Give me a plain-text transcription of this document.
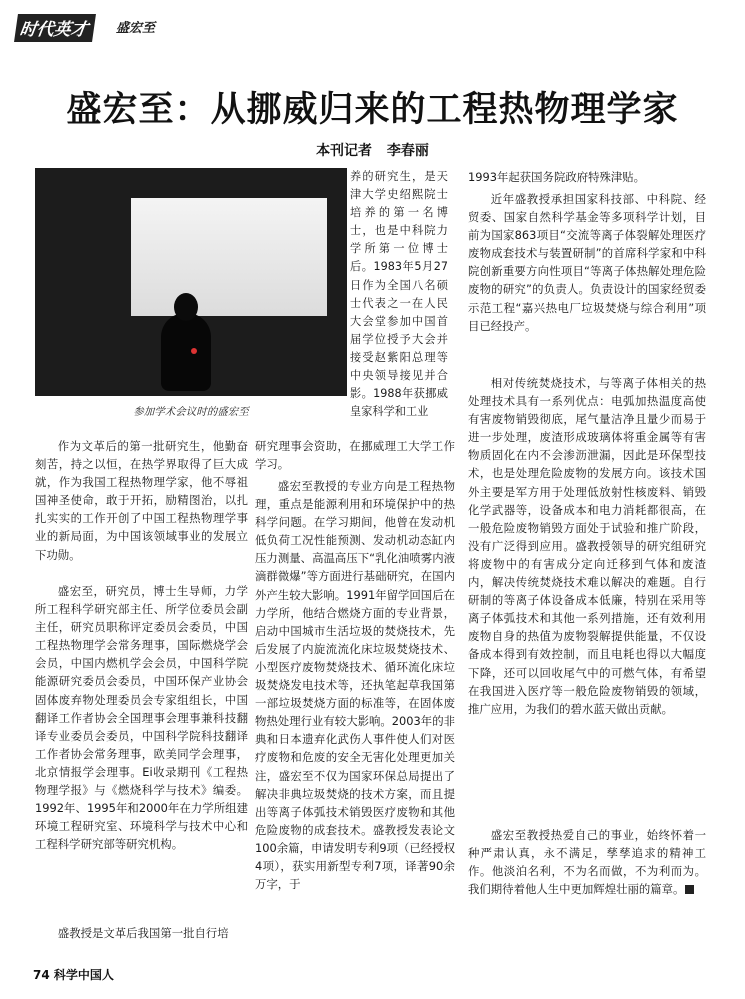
时代英才	盛宏至
盛宏至：从挪威归来的工程热物理学家
本刊记者 李春丽
参加学术会议时的盛宏至

养的研究生，是天津大学史绍熙院士培养的第一名博士，也是中科院力学所第一位博士后。1983年5月27日作为全国八名硕士代表之一在人民大会堂参加中国首届学位授予大会并接受赵紫阳总理等中央领导接见并合影。1988年获挪威皇家科学和工业

作为文革后的第一批研究生，他勤奋刻苦，持之以恒，在热学界取得了巨大成就，作为我国工程热物理学家，他不辱祖国神圣使命，敢于开拓，励精图治，以扎扎实实的工作开创了中国工程热物理学事业的新局面，为中国该领域事业的发展立下功勋。

盛宏至，研究员，博士生导师，力学所工程科学研究部主任、所学位委员会副主任，研究员职称评定委员会委员，中国工程热物理学会常务理事，国际燃烧学会会员，中国内燃机学会会员，中国科学院能源研究委员会委员，中国环保产业协会固体废弃物处理委员会专家组组长，中国翻译工作者协会全国理事会理事兼科技翻译专业委员会委员，中国科学院科技翻译工作者协会常务理事，欧美同学会理事，北京情报学会理事。Ei收录期刊《工程热物理学报》与《燃烧科学与技术》编委。1992年、1995年和2000年在力学所组建环境工程研究室、环境科学与技术中心和工程科学研究部等研究机构。

盛教授是文革后我国第一批自行培

研究理事会资助，在挪威理工大学工作学习。

盛宏至教授的专业方向是工程热物理，重点是能源利用和环境保护中的热科学问题。在学习期间，他曾在发动机低负荷工况性能预测、发动机动态缸内压力测量、高温高压下“乳化油喷雾内液滴群微爆”等方面进行基础研究，在国内外产生较大影响。1991年留学回国后在力学所，他结合燃烧方面的专业背景，启动中国城市生活垃圾的焚烧技术，先后发展了内旋流流化床垃圾焚烧技术、小型医疗废物焚烧技术、循环流化床垃圾焚烧发电技术等，还执笔起草我国第一部垃圾焚烧方面的标准等，在固体废物热处理行业有较大影响。2003年的非典和日本遗弃化武伤人事件使人们对医疗废物和危废的安全无害化处理更加关注，盛宏至不仅为国家环保总局提出了解决非典垃圾焚烧的技术方案，而且提出等离子体弧技术销毁医疗废物和其他危险废物的成套技术。盛教授发表论文100余篇，申请发明专利9项（已经授权4项），获实用新型专利7项，译著90余万字，于

1993年起获国务院政府特殊津贴。

近年盛教授承担国家科技部、中科院、经贸委、国家自然科学基金等多项科学计划，目前为国家863项目“交流等离子体裂解处理医疗废物成套技术与装置研制”的首席科学家和中科院创新重要方向性项目“等离子体热解处理危险废物的研究”的负责人。负责设计的国家经贸委示范工程“嘉兴热电厂垃圾焚烧与综合利用”项目已经投产。

相对传统焚烧技术，与等离子体相关的热处理技术具有一系列优点：电弧加热温度高使有害废物销毁彻底，尾气量洁净且量少而易于进一步处理，废渣形成玻璃体将重金属等有害物质固化在内不会渗沥泄漏，因此是环保型技术，也是处理危险废物的发展方向。该技术国外主要是军方用于处理低放射性核废料、销毁化学武器等，设备成本和电力消耗都很高，在一般危险废物销毁方面处于试验和推广阶段，没有广泛得到应用。盛教授领导的研究组研究将废物中的有害成分定向迁移到气体和废渣内，解决传统焚烧技术难以解决的难题。自行研制的等离子体设备成本低廉，特别在采用等离子体弧技术和其他一系列措施，还有效利用废物自身的热值为废物裂解提供能量，不仅设备成本得到有效控制，而且电耗也得以大幅度下降，还可以回收尾气中的可燃气体，有希望在我国进入医疗等一般危险废物销毁的领域，推广应用，为我们的碧水蓝天做出贡献。

盛宏至教授热爱自己的事业，始终怀着一种严肃认真，永不满足，孳孳追求的精神工作。他淡泊名利，不为名而做，不为利而为。我们期待着他人生中更加辉煌壮丽的篇章。

74 科学中国人
